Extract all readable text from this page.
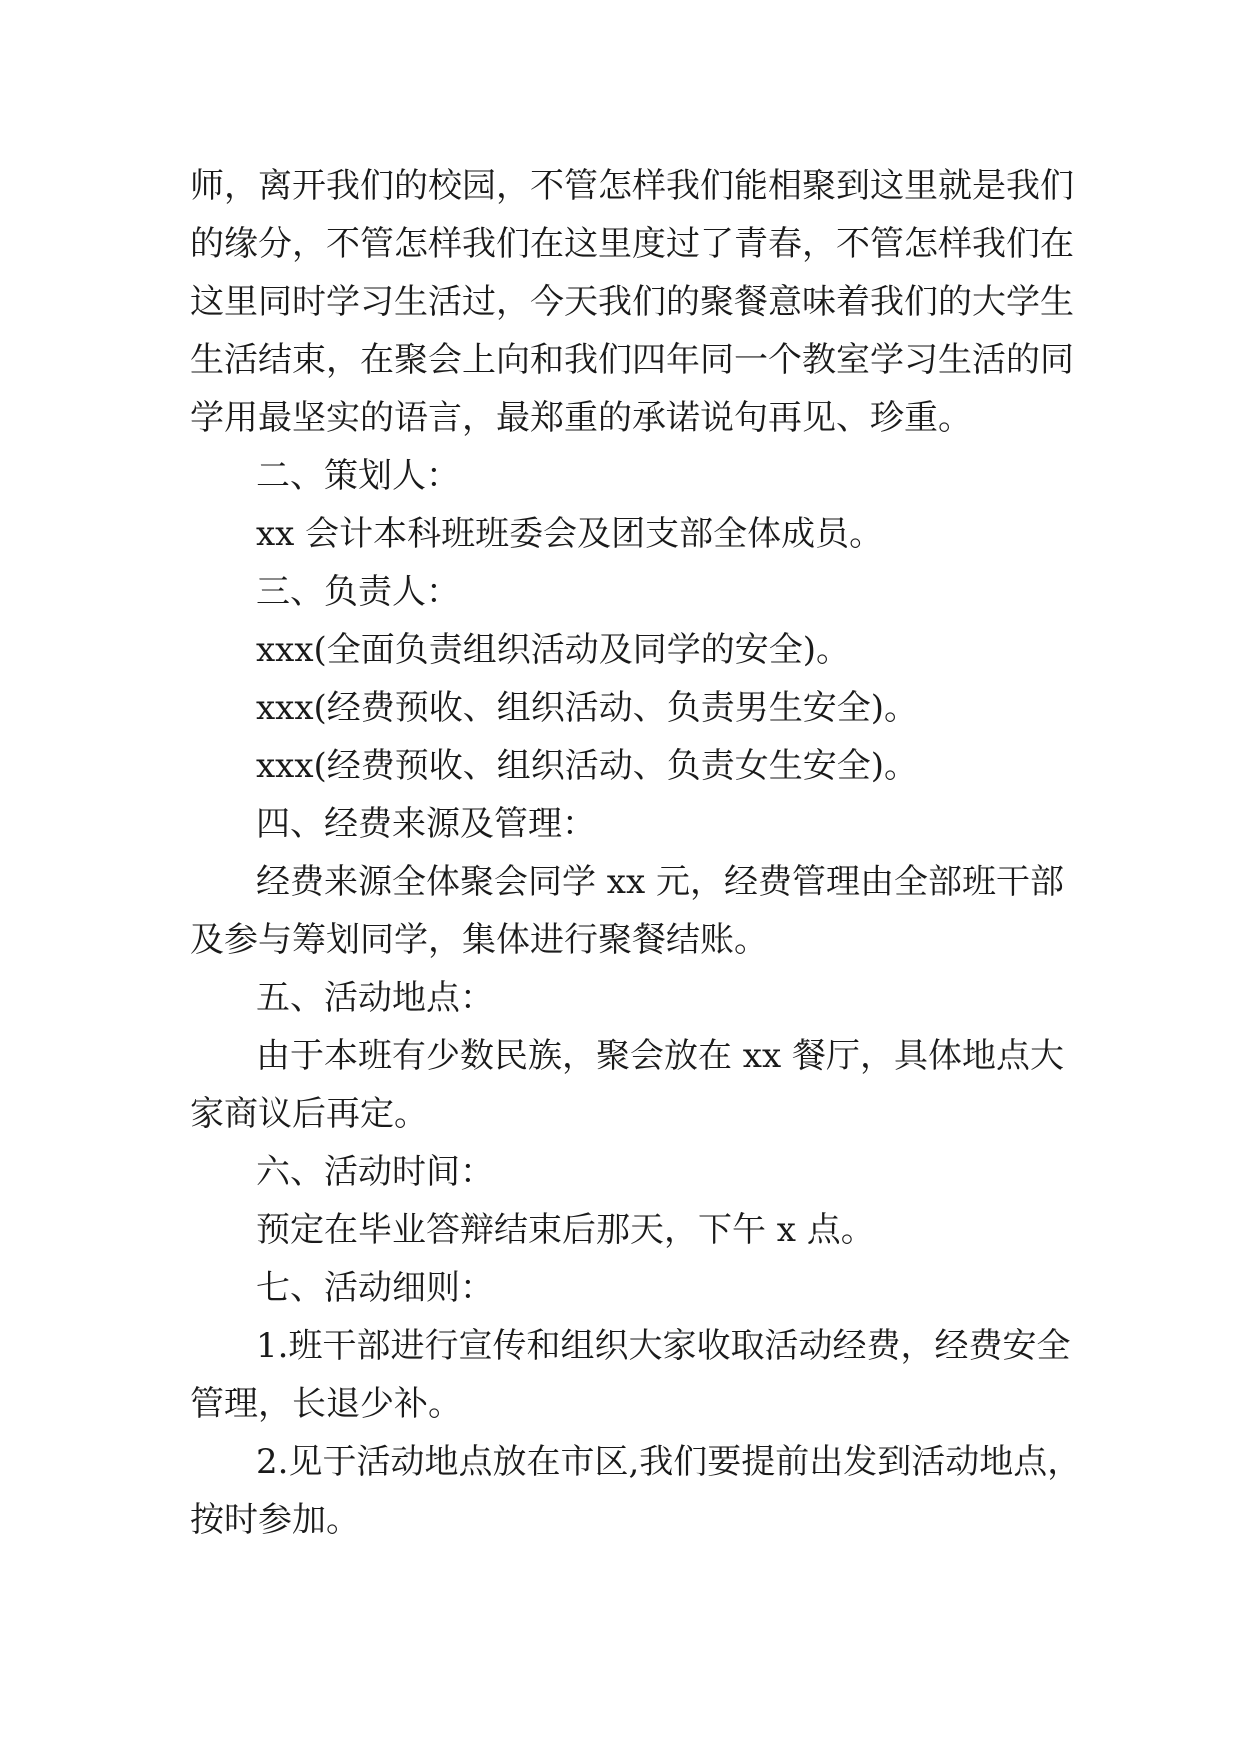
师，离开我们的校园，不管怎样我们能相聚到这里就是我们
的缘分，不管怎样我们在这里度过了青春，不管怎样我们在
这里同时学习生活过，今天我们的聚餐意味着我们的大学生
生活结束，在聚会上向和我们四年同一个教室学习生活的同
学用最坚实的语言，最郑重的承诺说句再见、珍重。
二、策划人：
xx 会计本科班班委会及团支部全体成员。
三、负责人：
xxx(全面负责组织活动及同学的安全)。
xxx(经费预收、组织活动、负责男生安全)。
xxx(经费预收、组织活动、负责女生安全)。
四、经费来源及管理：
经费来源全体聚会同学 xx 元，经费管理由全部班干部
及参与筹划同学，集体进行聚餐结账。
五、活动地点：
由于本班有少数民族，聚会放在 xx 餐厅，具体地点大
家商议后再定。
六、活动时间：
预定在毕业答辩结束后那天，下午 x 点。
七、活动细则：
1.班干部进行宣传和组织大家收取活动经费，经费安全
管理，长退少补。
2.见于活动地点放在市区,我们要提前出发到活动地点，
按时参加。
